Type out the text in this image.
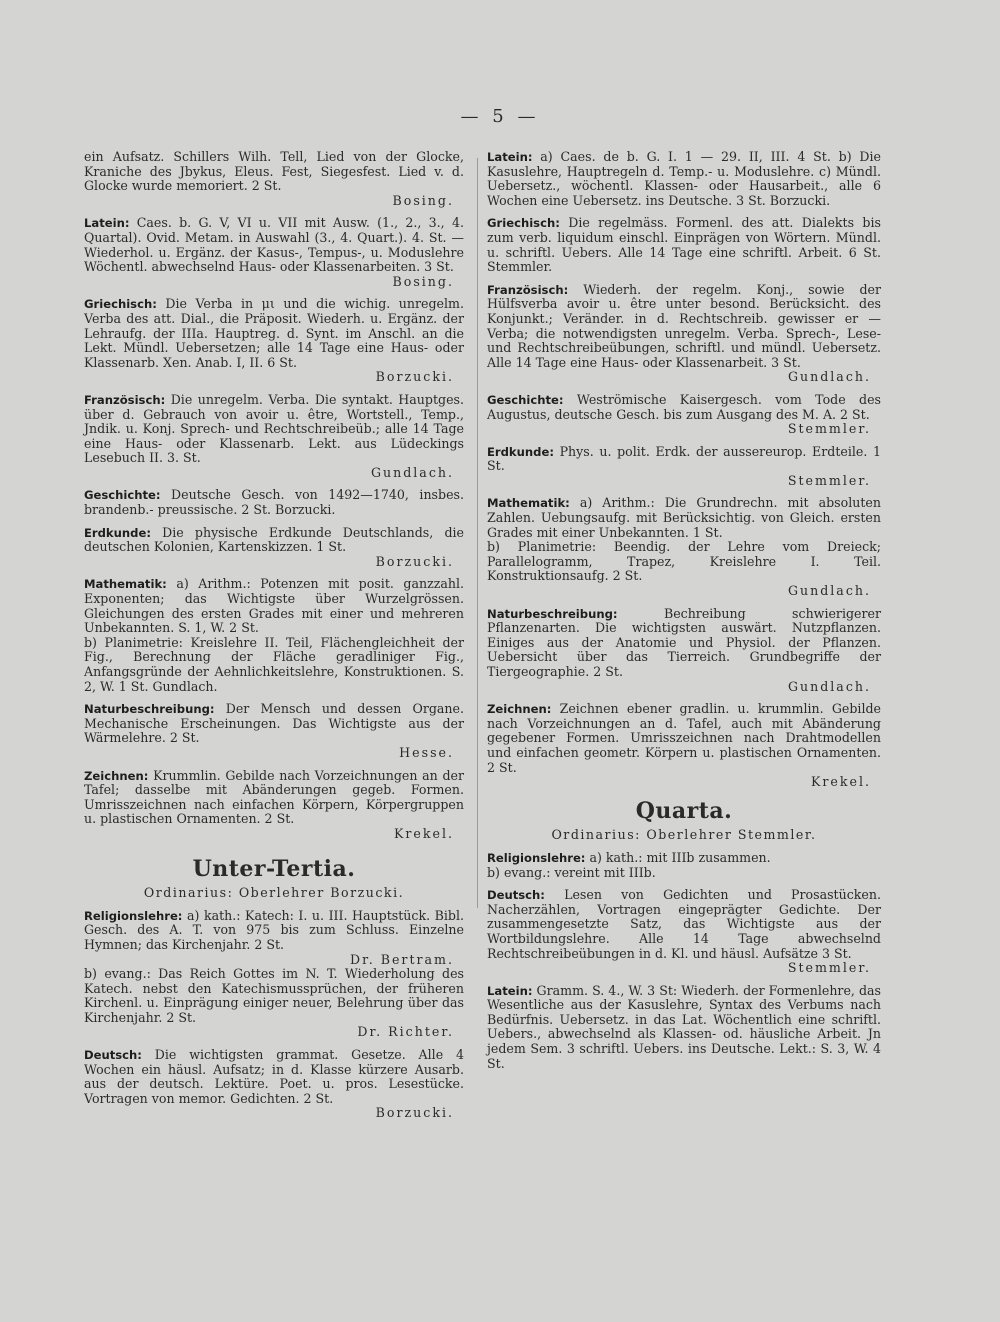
— 5 —

ein Aufsatz. Schillers Wilh. Tell, Lied von der Glocke, Kraniche des Jbykus, Eleus. Fest, Siegesfest. Lied v. d. Glocke wurde memoriert. 2 St.
Bosing.

Latein: Caes. b. G. V, VI u. VII mit Ausw. (1., 2., 3., 4. Quartal). Ovid. Metam. in Auswahl (3., 4. Quart.). 4. St. — Wiederhol. u. Ergänz. der Kasus-, Tempus-, u. Moduslehre Wöchentl. abwechselnd Haus- oder Klassenarbeiten. 3 St.
Bosing.

Griechisch: Die Verba in μι und die wichig. unregelm. Verba des att. Dial., die Präposit. Wiederh. u. Ergänz. der Lehraufg. der IIIa. Hauptreg. d. Synt. im Anschl. an die Lekt. Mündl. Uebersetzen; alle 14 Tage eine Haus- oder Klassenarb. Xen. Anab. I, II. 6 St.
Borzucki.

Französisch: Die unregelm. Verba. Die syntakt. Hauptges. über d. Gebrauch von avoir u. être, Wortstell., Temp., Jndik. u. Konj. Sprech- und Rechtschreibeüb.; alle 14 Tage eine Haus- oder Klassenarb. Lekt. aus Lüdeckings Lesebuch II. 3. St.
Gundlach.

Geschichte: Deutsche Gesch. von 1492—1740, insbes. brandenb.- preussische. 2 St. Borzucki.

Erdkunde: Die physische Erdkunde Deutschlands, die deutschen Kolonien, Kartenskizzen. 1 St.
Borzucki.

Mathematik: a) Arithm.: Potenzen mit posit. ganzzahl. Exponenten; das Wichtigste über Wurzelgrössen. Gleichungen des ersten Grades mit einer und mehreren Unbekannten. S. 1, W. 2 St.
b) Planimetrie: Kreislehre II. Teil, Flächengleichheit der Fig., Berechnung der Fläche geradliniger Fig., Anfangsgründe der Aehnlichkeitslehre, Konstruktionen. S. 2, W. 1 St. Gundlach.

Naturbeschreibung: Der Mensch und dessen Organe. Mechanische Erscheinungen. Das Wichtigste aus der Wärmelehre. 2 St.
Hesse.

Zeichnen: Krummlin. Gebilde nach Vorzeichnungen an der Tafel; dasselbe mit Abänderungen gegeb. Formen. Umrisszeichnen nach einfachen Körpern, Körpergruppen u. plastischen Ornamenten. 2 St.
Krekel.

Unter-Tertia.
Ordinarius: Oberlehrer Borzucki.

Religionslehre: a) kath.: Katech: I. u. III. Hauptstück. Bibl. Gesch. des A. T. von 975 bis zum Schluss. Einzelne Hymnen; das Kirchenjahr. 2 St.
Dr. Bertram.
b) evang.: Das Reich Gottes im N. T. Wiederholung des Katech. nebst den Katechismussprüchen, der früheren Kirchenl. u. Einprägung einiger neuer, Belehrung über das Kirchenjahr. 2 St.
Dr. Richter.

Deutsch: Die wichtigsten grammat. Gesetze. Alle 4 Wochen ein häusl. Aufsatz; in d. Klasse kürzere Ausarb. aus der deutsch. Lektüre. Poet. u. pros. Lesestücke. Vortragen von memor. Gedichten. 2 St.
Borzucki.

Latein: a) Caes. de b. G. I. 1 — 29. II, III. 4 St. b) Die Kasuslehre, Hauptregeln d. Temp.- u. Moduslehre. c) Mündl. Uebersetz., wöchentl. Klassen- oder Hausarbeit., alle 6 Wochen eine Uebersetz. ins Deutsche. 3 St. Borzucki.

Griechisch: Die regelmäss. Formenl. des att. Dialekts bis zum verb. liquidum einschl. Einprägen von Wörtern. Mündl. u. schriftl. Uebers. Alle 14 Tage eine schriftl. Arbeit. 6 St. Stemmler.

Französisch: Wiederh. der regelm. Konj., sowie der Hülfsverba avoir u. être unter besond. Berücksicht. des Konjunkt.; Veränder. in d. Rechtschreib. gewisser er — Verba; die notwendigsten unregelm. Verba. Sprech-, Lese- und Rechtschreibeübungen, schriftl. und mündl. Uebersetz. Alle 14 Tage eine Haus- oder Klassenarbeit. 3 St.
Gundlach.

Geschichte: Weströmische Kaisergesch. vom Tode des Augustus, deutsche Gesch. bis zum Ausgang des M. A. 2 St.
Stemmler.

Erdkunde: Phys. u. polit. Erdk. der aussereurop. Erdteile. 1 St.
Stemmler.

Mathematik: a) Arithm.: Die Grundrechn. mit absoluten Zahlen. Uebungsaufg. mit Berücksichtig. von Gleich. ersten Grades mit einer Unbekannten. 1 St.
b) Planimetrie: Beendig. der Lehre vom Dreieck; Parallelogramm, Trapez, Kreislehre I. Teil. Konstruktionsaufg. 2 St.
Gundlach.

Naturbeschreibung:	Bechreibung schwierigerer Pflanzenarten. Die wichtigsten auswärt. Nutzpflanzen. Einiges aus der Anatomie und Physiol. der Pflanzen. Uebersicht über das Tierreich. Grundbegriffe der Tiergeographie. 2 St.
Gundlach.

Zeichnen: Zeichnen ebener gradlin. u. krummlin. Gebilde nach Vorzeichnungen an d. Tafel, auch mit Abänderung gegebener Formen. Umrisszeichnen nach Drahtmodellen und einfachen geometr. Körpern u. plastischen Ornamenten. 2 St.
Krekel.

Quarta.
Ordinarius: Oberlehrer Stemmler.

Religionslehre: a) kath.: mit IIIb zusammen.
b) evang.: vereint mit IIIb.

Deutsch: Lesen von Gedichten und Prosastücken. Nacherzählen, Vortragen eingeprägter Gedichte. Der zusammengesetzte Satz, das Wichtigste aus der Wortbildungslehre. Alle 14 Tage abwechselnd Rechtschreibeübungen in d. Kl. und häusl. Aufsätze 3 St.
Stemmler.

Latein: Gramm. S. 4., W. 3 St: Wiederh. der Formenlehre, das Wesentliche aus der Kasuslehre, Syntax des Verbums nach Bedürfnis. Uebersetz. in das Lat. Wöchentlich eine schriftl. Uebers., abwechselnd als Klassen- od. häusliche Arbeit. Jn jedem Sem. 3 schriftl. Uebers. ins Deutsche. Lekt.: S. 3, W. 4 St.
